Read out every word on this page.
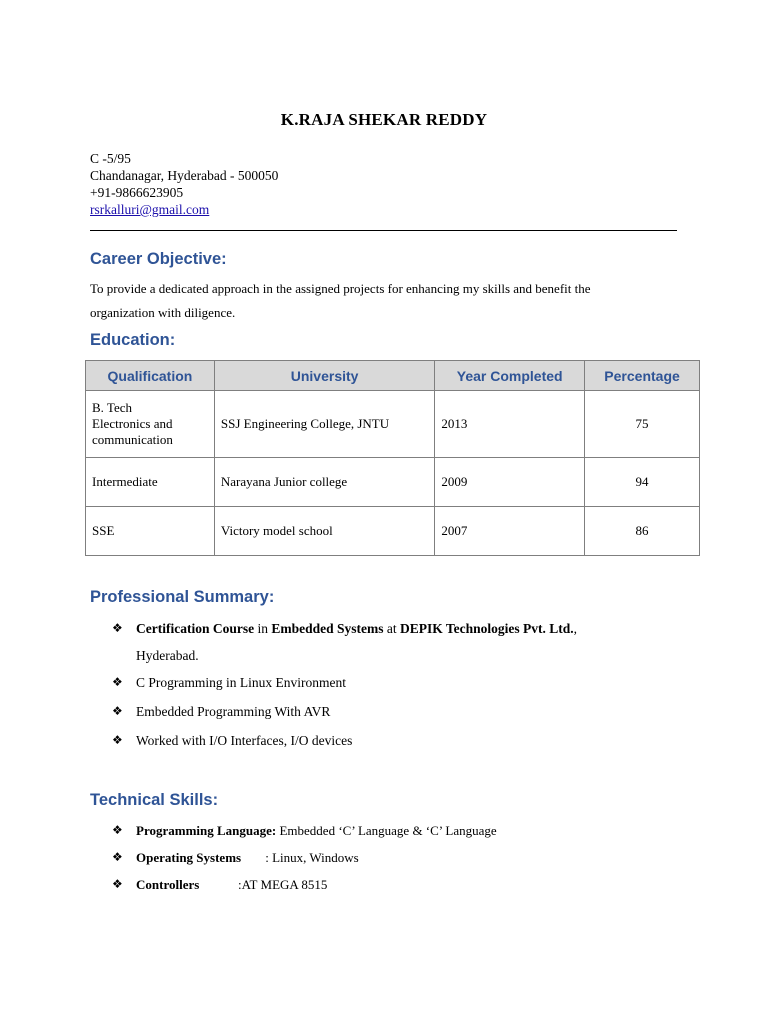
K.RAJA SHEKAR REDDY
C -5/95
Chandanagar, Hyderabad - 500050
+91-9866623905
rsrkalluri@gmail.com
Career Objective:
To provide a dedicated approach in the assigned projects for enhancing my skills and benefit the
organization with diligence.
Education:
Qualification	University	Year Completed	Percentage

B. Tech
Electronics and
communication	SSJ Engineering College, JNTU	2013	75
Intermediate	Narayana Junior college	2009	94
SSE	Victory model school	2007	86
Professional Summary:
❖ Certification Course in Embedded Systems at DEPIK Technologies Pvt. Ltd.,
Hyderabad.
❖ C Programming in Linux Environment
❖ Embedded Programming With AVR
❖ Worked with I/O Interfaces, I/O devices
Technical Skills:
❖ Programming Language: Embedded ‘C’ Language & ‘C’ Language
❖ Operating Systems : Linux, Windows
❖ Controllers	:AT MEGA 8515
